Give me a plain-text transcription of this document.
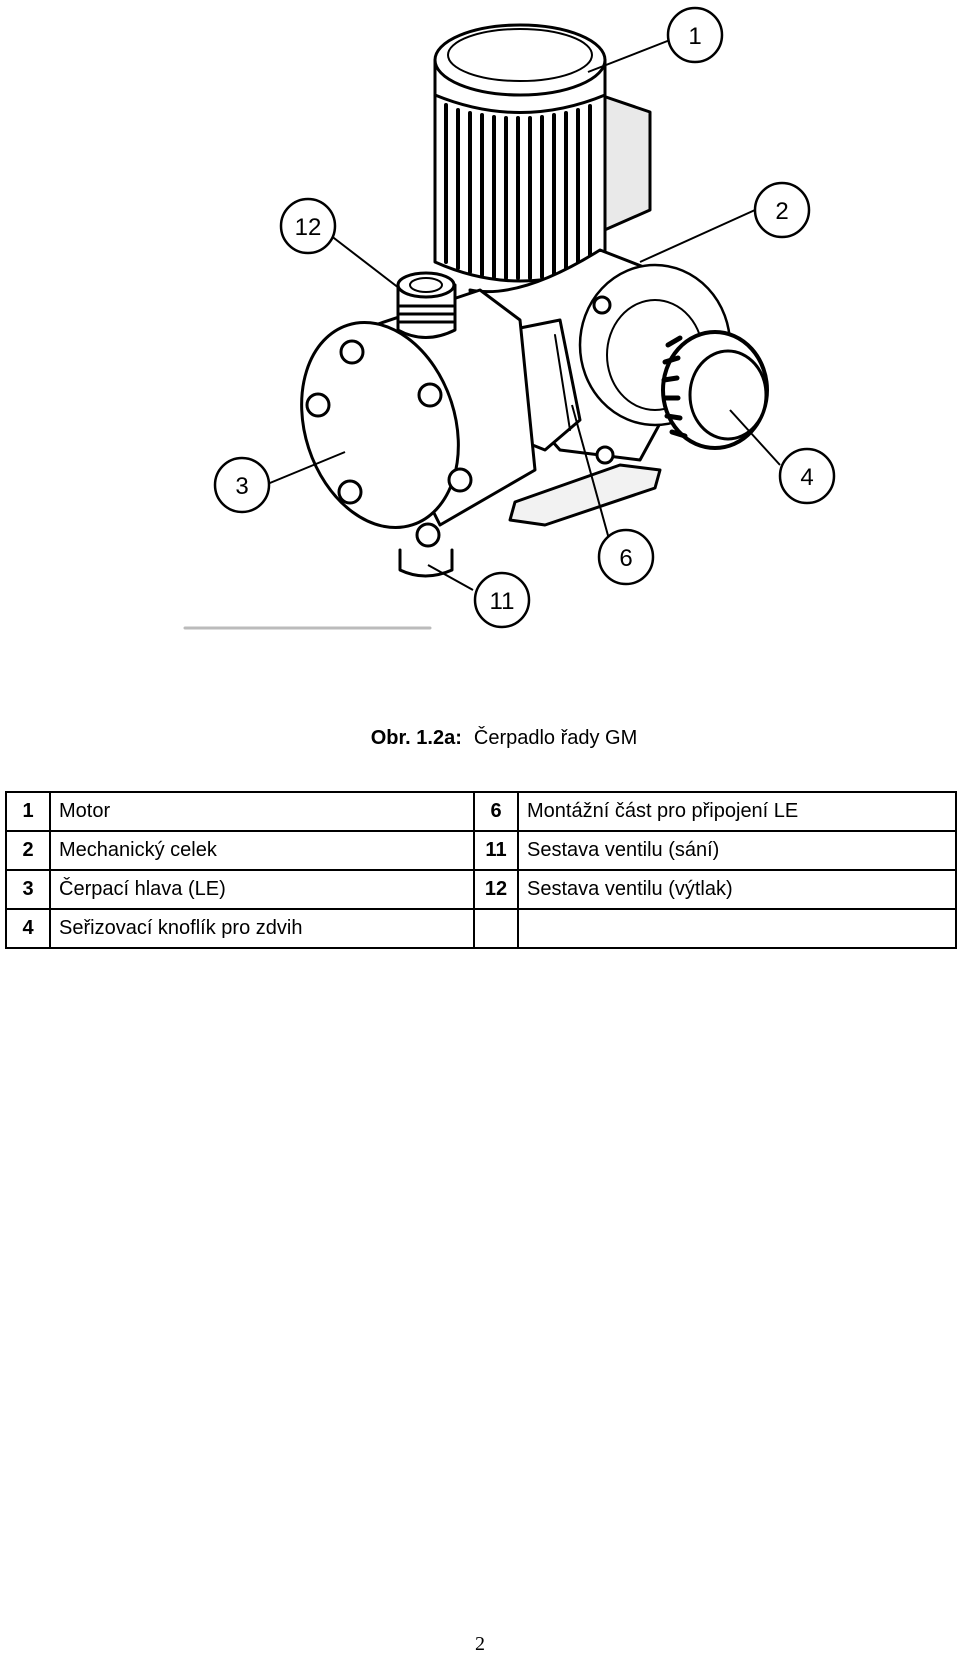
1
2
3	4
6
11
12
Obr. 1.2a: Čerpadlo řady GM
1	Motor	6	Montážní část pro připojení LE
2	Mechanický celek	11	Sestava ventilu (sání)
3	Čerpací hlava (LE)	12	Sestava ventilu (výtlak)
4	Seřizovací knoflík pro zdvih		
2
